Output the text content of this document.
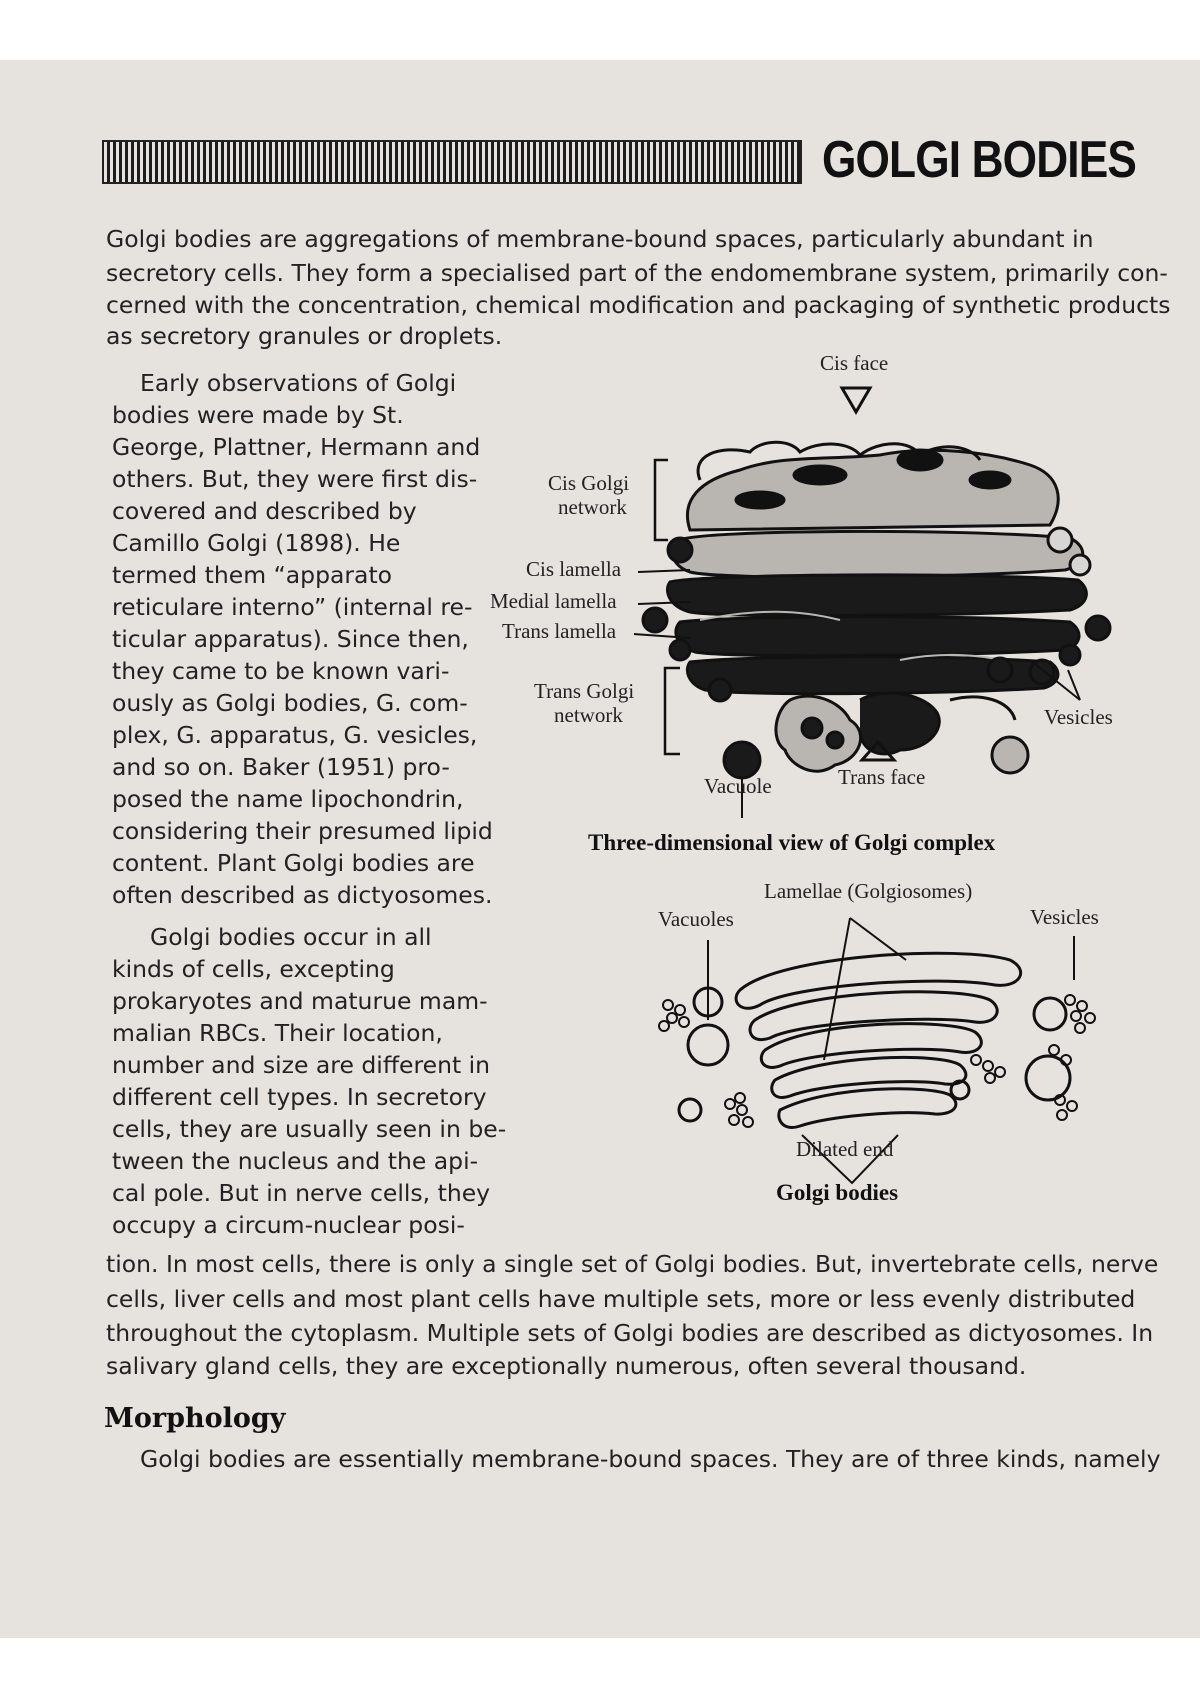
GOLGI BODIES
Golgi bodies are aggregations of membrane-bound spaces, particularly abundant in
secretory cells. They form a specialised part of the endomembrane system, primarily con-
cerned with the concentration, chemical modification and packaging of synthetic products
as secretory granules or droplets.
Early observations of Golgi
bodies were made by St.
George, Plattner, Hermann and
others. But, they were first dis-
covered and described by
Camillo Golgi (1898). He
termed them “apparato
reticulare interno” (internal re-
ticular apparatus). Since then,
they came to be known vari-
ously as Golgi bodies, G. com-
plex, G. apparatus, G. vesicles,
and so on. Baker (1951) pro-
posed the name lipochondrin,
considering their presumed lipid
content. Plant Golgi bodies are
often described as dictyosomes.
Golgi bodies occur in all
kinds of cells, excepting
prokaryotes and maturue mam-
malian RBCs. Their location,
number and size are different in
different cell types. In secretory
cells, they are usually seen in be-
tween the nucleus and the api-
cal pole. But in nerve cells, they
occupy a circum-nuclear posi-
tion. In most cells, there is only a single set of Golgi bodies. But, invertebrate cells, nerve
cells, liver cells and most plant cells have multiple sets, more or less evenly distributed
throughout the cytoplasm. Multiple sets of Golgi bodies are described as dictyosomes. In
salivary gland cells, they are exceptionally numerous, often several thousand.
Morphology
Golgi bodies are essentially membrane-bound spaces. They are of three kinds, namely
Cis face
Cis Golgi
network
Cis lamella
Medial lamella
Trans lamella
Trans Golgi
network
Vacuole	Trans face
Vesicles
Three-dimensional view of Golgi complex
Lamellae (Golgiosomes)
Vacuoles	Vesicles
Dilated end
Golgi bodies
